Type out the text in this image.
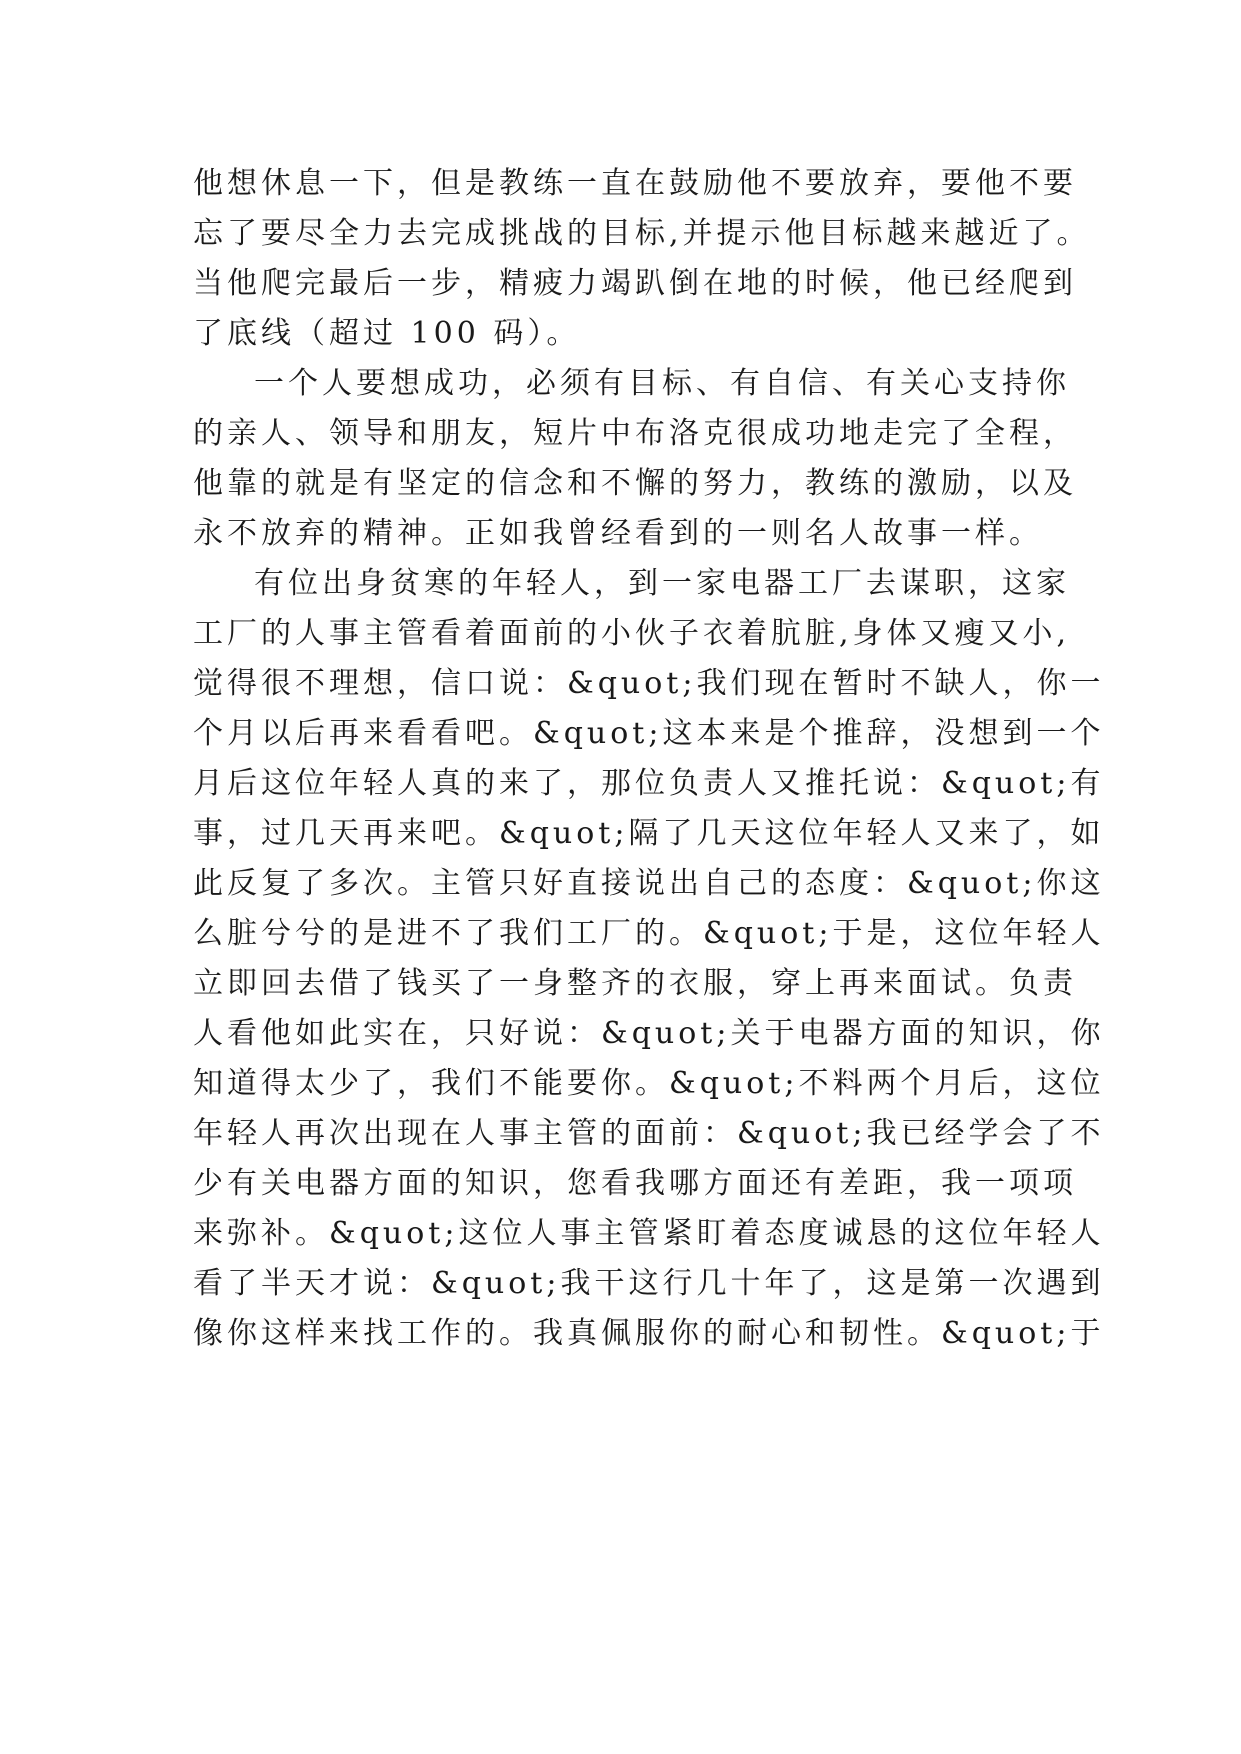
他想休息一下，但是教练一直在鼓励他不要放弃，要他不要
忘了要尽全力去完成挑战的目标,并提示他目标越来越近了。
当他爬完最后一步，精疲力竭趴倒在地的时候，他已经爬到
了底线（超过 100 码）。
一个人要想成功，必须有目标、有自信、有关心支持你
的亲人、领导和朋友，短片中布洛克很成功地走完了全程，
他靠的就是有坚定的信念和不懈的努力，教练的激励，以及
永不放弃的精神。正如我曾经看到的一则名人故事一样。
有位出身贫寒的年轻人，到一家电器工厂去谋职，这家
工厂的人事主管看着面前的小伙子衣着肮脏,身体又瘦又小,
觉得很不理想，信口说：&quot;我们现在暂时不缺人，你一
个月以后再来看看吧。&quot;这本来是个推辞，没想到一个
月后这位年轻人真的来了，那位负责人又推托说：&quot;有
事，过几天再来吧。&quot;隔了几天这位年轻人又来了，如
此反复了多次。主管只好直接说出自己的态度：&quot;你这
么脏兮兮的是进不了我们工厂的。&quot;于是，这位年轻人
立即回去借了钱买了一身整齐的衣服，穿上再来面试。负责
人看他如此实在，只好说：&quot;关于电器方面的知识，你
知道得太少了，我们不能要你。&quot;不料两个月后，这位
年轻人再次出现在人事主管的面前：&quot;我已经学会了不
少有关电器方面的知识，您看我哪方面还有差距，我一项项
来弥补。&quot;这位人事主管紧盯着态度诚恳的这位年轻人
看了半天才说：&quot;我干这行几十年了，这是第一次遇到
像你这样来找工作的。我真佩服你的耐心和韧性。&quot;于
